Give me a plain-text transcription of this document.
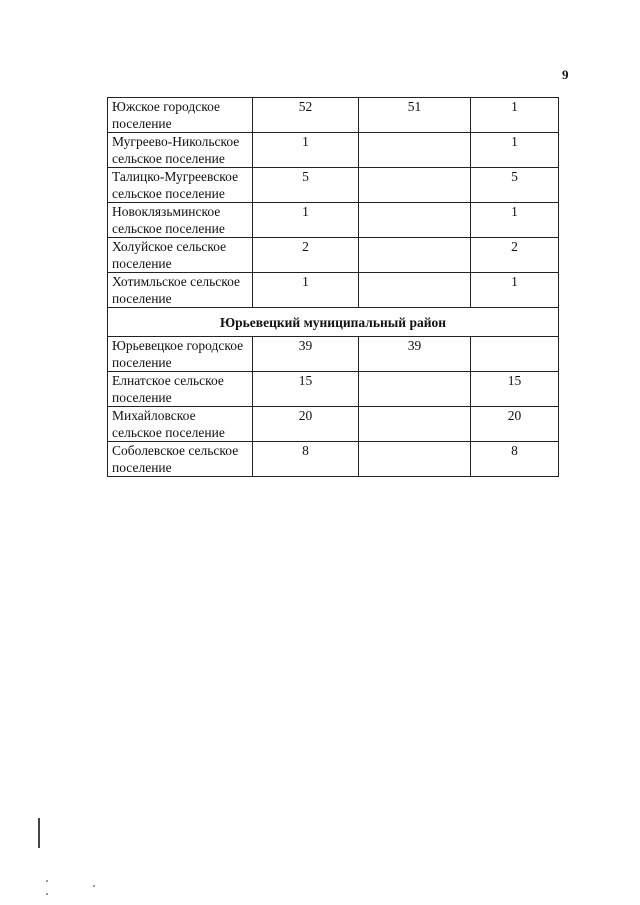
9
Южское городское поселение	52	51	1
Мугреево-Никольское сельское поселение	1		1
Талицко-Мугреевское сельское поселение	5		5
Новоклязьминское сельское поселение	1		1
Холуйское сельское поселение	2		2
Хотимльское сельское поселение	1		1
Юрьевецкий муниципальный район			
Юрьевецкое городское поселение	39	39	
Елнатское сельское поселение	15		15
Михайловское сельское поселение	20		20
Соболевское сельское поселение	8		8
